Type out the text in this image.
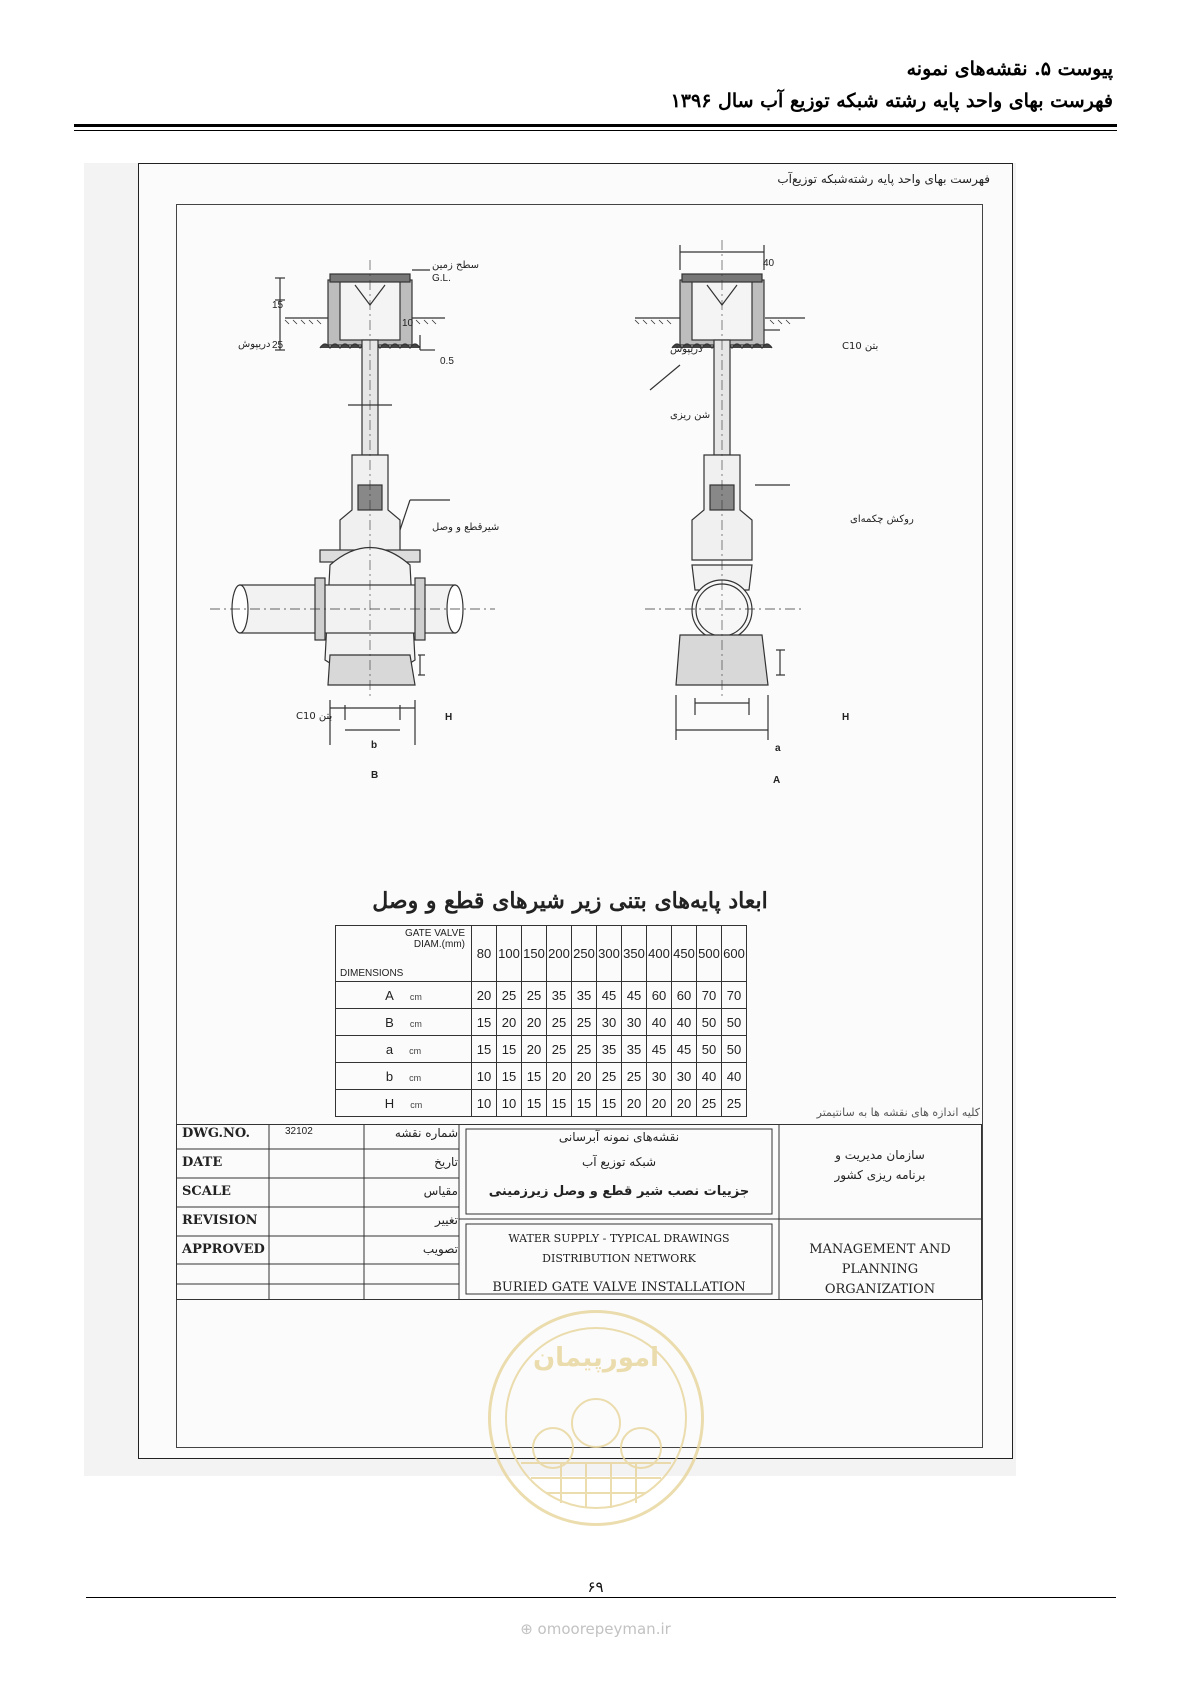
پیوست ۵. نقشه‌های نمونه
فهرست بهای واحد پایه رشته شبکه توزیع آب سال ۱۳۹۶
فهرست بهای واحد پایه رشته‌شبکه توزیع‌آب
سطح زمین
G.L.
دریپوش
شیرقطع و وصل
بتن C10
15
25
10
0.5
b
B
H
40
دریپوش	بتن C10
شن ریزی
روکش چکمه‌ای
a
A
H
ابعاد پایه‌های بتنی زیر شیرهای قطع و وصل
GATE VALVE
DIAM.(mm)
DIMENSIONS	80	100	150	200	250	300	350	400	450	500	600
A cm	20	25	25	35	35	45	45	60	60	70	70
B cm	15	20	20	25	25	30	30	40	40	50	50
a cm	15	15	20	25	25	35	35	45	45	50	50
b cm	10	15	15	20	20	25	25	30	30	40	40
H cm	10	10	15	15	15	15	20	20	20	25	25
کلیه اندازه های نقشه ها به سانتیمتر
DWG.NO.	32102	شماره نقشه
DATE	تاریخ
SCALE	مقیاس
REVISION	تغییر
APPROVED	تصویب
نقشه‌های نمونه آبرسانی
شبکه توزیع آب
جزییات نصب شیر قطع و وصل زیرزمینی
WATER SUPPLY - TYPICAL DRAWINGS
DISTRIBUTION NETWORK
BURIED GATE VALVE INSTALLATION
سازمان مدیریت و
برنامه ریزی کشور
MANAGEMENT AND
PLANNING
ORGANIZATION
امورپیمان
۶۹
⊕ omoorepeyman.ir
